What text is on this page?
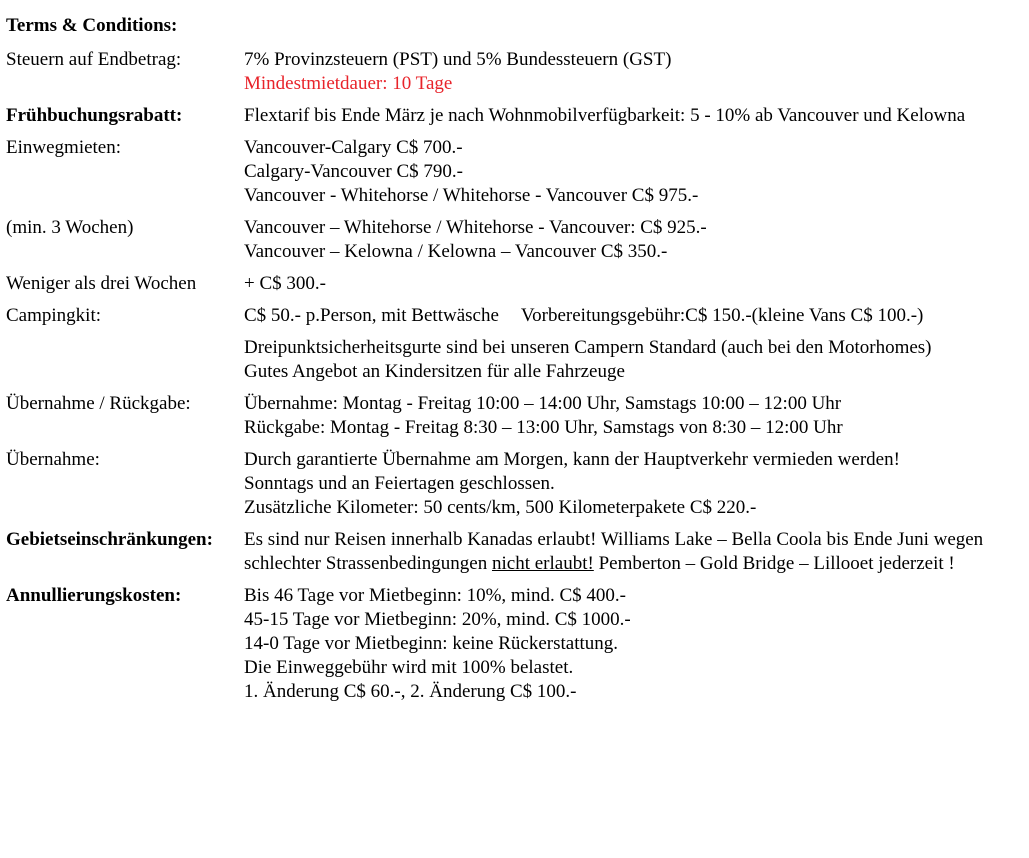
Terms & Conditions:
Steuern auf Endbetrag:	7% Provinzsteuern (PST) und 5% Bundessteuern (GST)
Mindestmietdauer: 10 Tage

Frühbuchungsrabatt:	Flextarif bis Ende März je nach Wohnmobilverfügbarkeit: 5 - 10% ab Vancouver und Kelowna

Einwegmieten:	Vancouver-Calgary C$ 700.-
Calgary-Vancouver C$ 790.-
Vancouver - Whitehorse / Whitehorse - Vancouver C$ 975.-

(min. 3 Wochen)	Vancouver – Whitehorse / Whitehorse - Vancouver: C$ 925.-
Vancouver – Kelowna / Kelowna – Vancouver C$ 350.-

Weniger als drei Wochen	+ C$ 300.-

Campingkit:	C$ 50.- p.Person, mit Bettwäsche Vorbereitungsgebühr:C$ 150.-(kleine Vans C$ 100.-)
Dreipunktsicherheitsgurte sind bei unseren Campern Standard (auch bei den Motorhomes)
Gutes Angebot an Kindersitzen für alle Fahrzeuge

Übernahme / Rückgabe:	Übernahme: Montag - Freitag 10:00 – 14:00 Uhr, Samstags 10:00 – 12:00 Uhr
Rückgabe: Montag - Freitag 8:30 – 13:00 Uhr, Samstags von 8:30 – 12:00 Uhr

Übernahme:	Durch garantierte Übernahme am Morgen, kann der Hauptverkehr vermieden werden!
Sonntags und an Feiertagen geschlossen.
Zusätzliche Kilometer: 50 cents/km, 500 Kilometerpakete C$ 220.-

Gebietseinschränkungen:	Es sind nur Reisen innerhalb Kanadas erlaubt! Williams Lake – Bella Coola bis Ende Juni wegen schlechter Strassenbedingungen nicht erlaubt! Pemberton – Gold Bridge – Lillooet jederzeit !

Annullierungskosten:	Bis 46 Tage vor Mietbeginn: 10%, mind. C$ 400.-
45-15 Tage vor Mietbeginn: 20%, mind. C$ 1000.-
14-0 Tage vor Mietbeginn: keine Rückerstattung.
Die Einweggebühr wird mit 100% belastet.
1. Änderung C$ 60.-, 2. Änderung C$ 100.-
